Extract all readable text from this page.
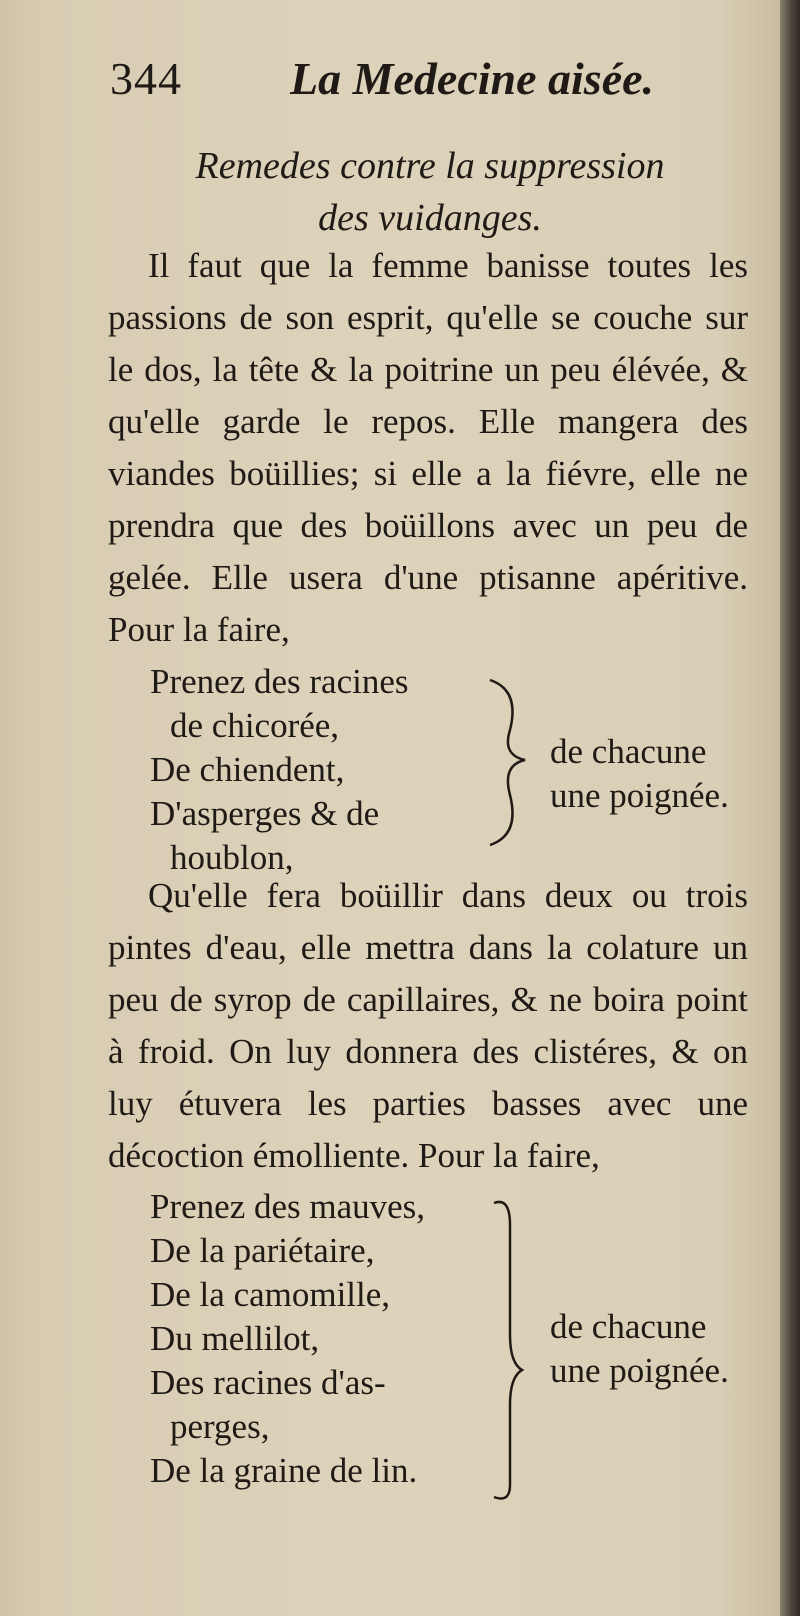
344 La Medecine aisée.
Remedes contre la suppression
des vuidanges.

Il faut que la femme banisse toutes les passions de son esprit, qu'elle se couche sur le dos, la tête & la poitrine un peu élévée, & qu'elle garde le repos. Elle mangera des viandes boüillies; si elle a la fiévre, elle ne prendra que des boüillons avec un peu de gelée. Elle usera d'une ptisanne apéritive. Pour la faire,

Prenez des racines
de chicorée,
De chiendent,
D'asperges & de
houblon,
de chacune
une poignée.

Qu'elle fera boüillir dans deux ou trois pintes d'eau, elle mettra dans la colature un peu de syrop de capillaires, & ne boira point à froid. On luy donnera des clistéres, & on luy étuvera les parties basses avec une décoction émolliente. Pour la faire,

Prenez des mauves,
De la pariétaire,
De la camomille,
Du mellilot,
Des racines d'as-
perges,
De la graine de lin.
de chacune
une poignée.
